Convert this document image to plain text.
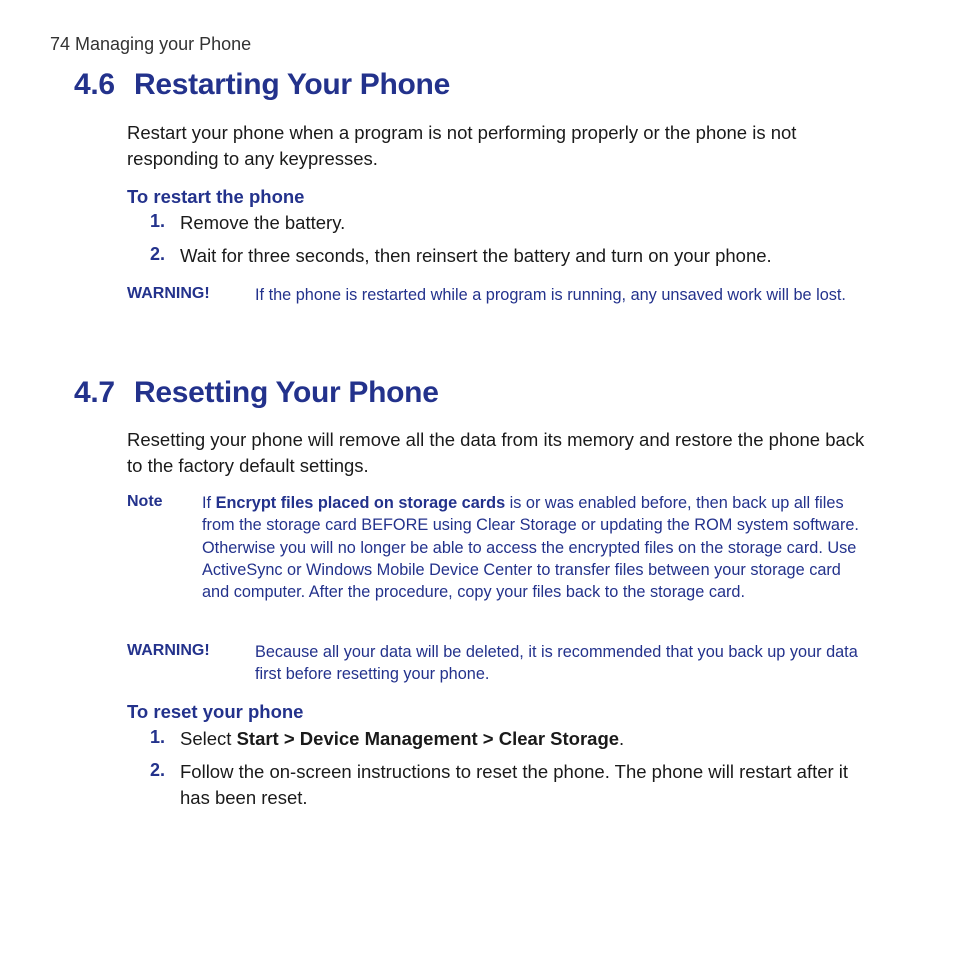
74 Managing your Phone
4.6 Restarting Your Phone
Restart your phone when a program is not performing properly or the phone is not responding to any keypresses.
To restart the phone
1. Remove the battery.
2. Wait for three seconds, then reinsert the battery and turn on your phone.
WARNING!	If the phone is restarted while a program is running, any unsaved work will be lost.
4.7 Resetting Your Phone
Resetting your phone will remove all the data from its memory and restore the phone back to the factory default settings.
Note If Encrypt files placed on storage cards is or was enabled before, then back up all files from the storage card BEFORE using Clear Storage or updating the ROM system software. Otherwise you will no longer be able to access the encrypted files on the storage card. Use ActiveSync or Windows Mobile Device Center to transfer files between your storage card and computer. After the procedure, copy your files back to the storage card.
WARNING!	Because all your data will be deleted, it is recommended that you back up your data first before resetting your phone.
To reset your phone
1. Select Start > Device Management > Clear Storage.
2. Follow the on-screen instructions to reset the phone. The phone will restart after it has been reset.
